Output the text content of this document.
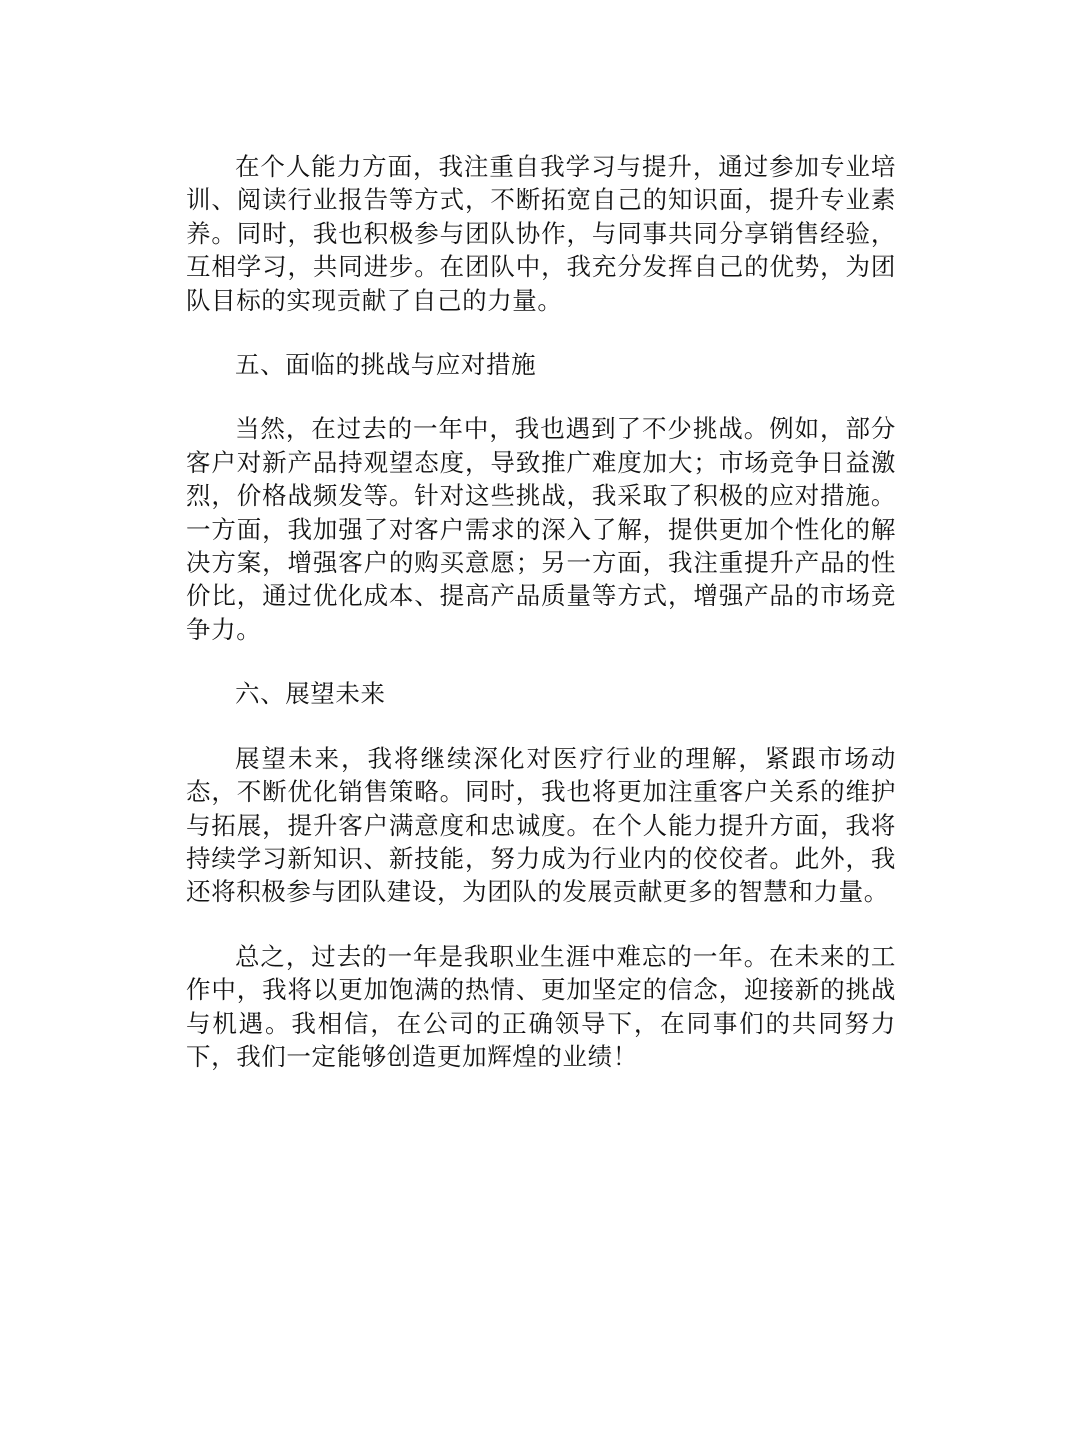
在个人能力方面，我注重自我学习与提升，通过参加专业培训、阅读行业报告等方式，不断拓宽自己的知识面，提升专业素养。同时，我也积极参与团队协作，与同事共同分享销售经验，互相学习，共同进步。在团队中，我充分发挥自己的优势，为团队目标的实现贡献了自己的力量。

五、面临的挑战与应对措施

当然，在过去的一年中，我也遇到了不少挑战。例如，部分客户对新产品持观望态度，导致推广难度加大；市场竞争日益激烈，价格战频发等。针对这些挑战，我采取了积极的应对措施。一方面，我加强了对客户需求的深入了解，提供更加个性化的解决方案，增强客户的购买意愿；另一方面，我注重提升产品的性价比，通过优化成本、提高产品质量等方式，增强产品的市场竞争力。

六、展望未来

展望未来，我将继续深化对医疗行业的理解，紧跟市场动态，不断优化销售策略。同时，我也将更加注重客户关系的维护与拓展，提升客户满意度和忠诚度。在个人能力提升方面，我将持续学习新知识、新技能，努力成为行业内的佼佼者。此外，我还将积极参与团队建设，为团队的发展贡献更多的智慧和力量。

总之，过去的一年是我职业生涯中难忘的一年。在未来的工作中，我将以更加饱满的热情、更加坚定的信念，迎接新的挑战与机遇。我相信，在公司的正确领导下，在同事们的共同努力下，我们一定能够创造更加辉煌的业绩！
